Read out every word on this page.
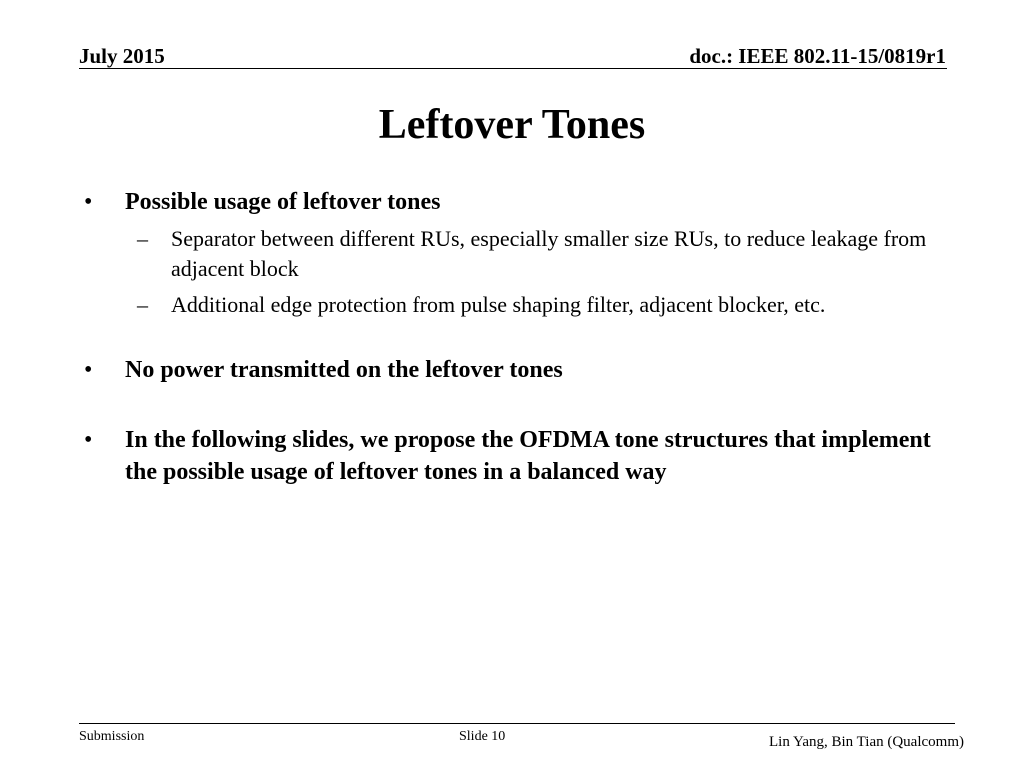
July 2015	doc.: IEEE 802.11-15/0819r1
Leftover Tones
• Possible usage of leftover tones
– Separator between different RUs, especially smaller size RUs, to reduce leakage from adjacent block
– Additional edge protection from pulse shaping filter, adjacent blocker, etc.
• No power transmitted on the leftover tones
• In the following slides, we propose the OFDMA tone structures that implement the possible usage of leftover tones in a balanced way
Submission	Slide 10	Lin Yang, Bin Tian (Qualcomm)
